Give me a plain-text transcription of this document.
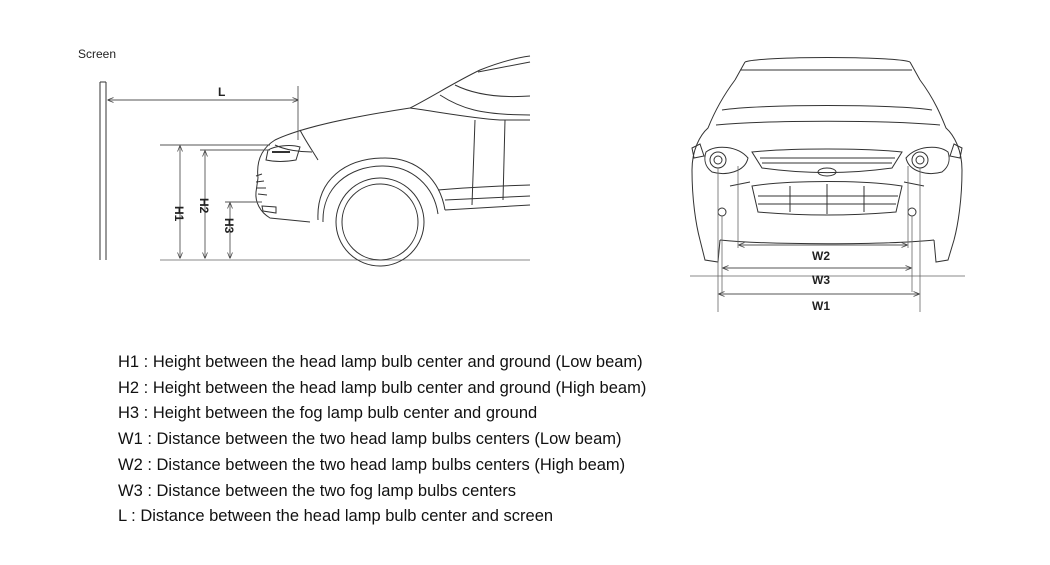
Screen
L
H1
H2
H3
W2
W3
W1
H1 : Height between the head lamp bulb center and ground (Low beam)
H2 : Height between the head lamp bulb center and ground (High beam)
H3 : Height between the fog lamp bulb center and ground
W1 : Distance between the two head lamp bulbs centers (Low beam)
W2 : Distance between the two head lamp bulbs centers (High beam)
W3 : Distance between the two fog lamp bulbs centers
L : Distance between the head lamp bulb center and screen
